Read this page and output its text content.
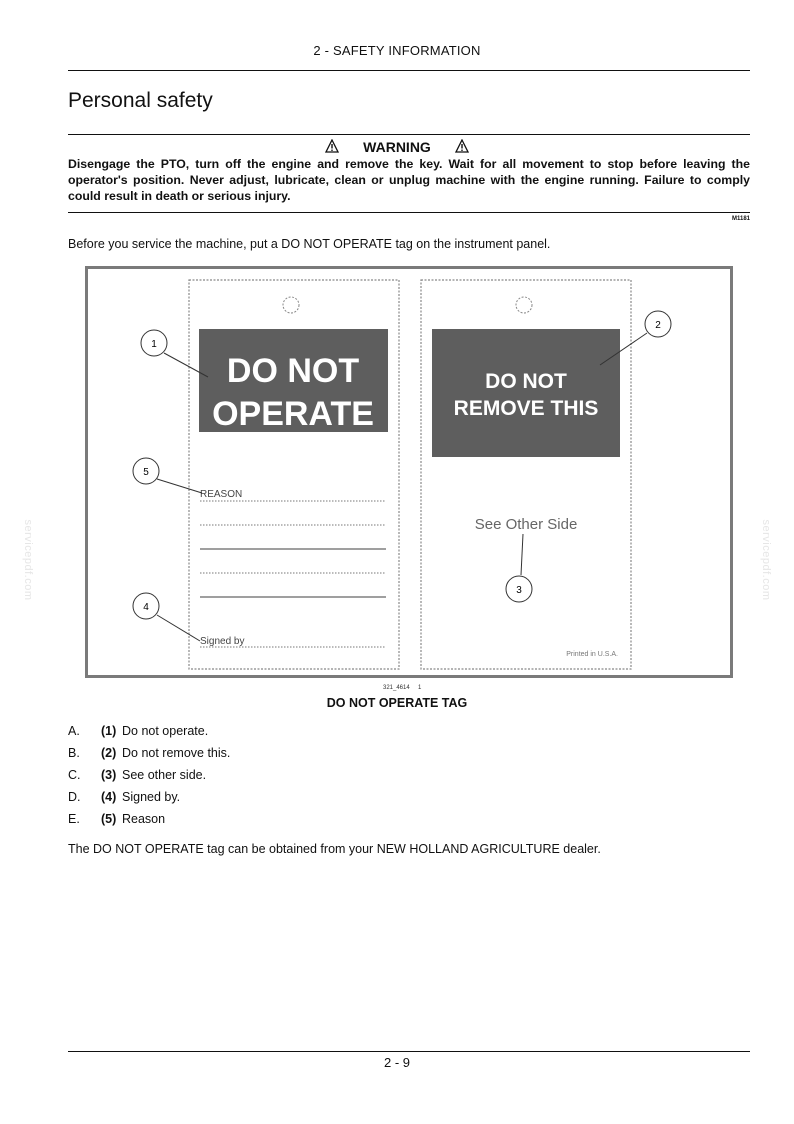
2 - SAFETY INFORMATION
Personal safety
WARNING
Disengage the PTO, turn off the engine and remove the key. Wait for all movement to stop before leaving the operator's position. Never adjust, lubricate, clean or unplug machine with the engine running. Failure to comply could result in death or serious injury.
M1181
Before you service the machine, put a DO NOT OPERATE tag on the instrument panel.
DO NOT
OPERATE
REASON
Signed by
DO NOT
REMOVE THIS
See Other Side
Printed in U.S.A.
1
2
3
4
5
321_4614 1
DO NOT OPERATE TAG
A. (1) Do not operate.
B. (2) Do not remove this.
C. (3) See other side.
D. (4) Signed by.
E. (5) Reason
The DO NOT OPERATE tag can be obtained from your NEW HOLLAND AGRICULTURE dealer.
2 - 9
servicepdf.com	servicepdf.com
